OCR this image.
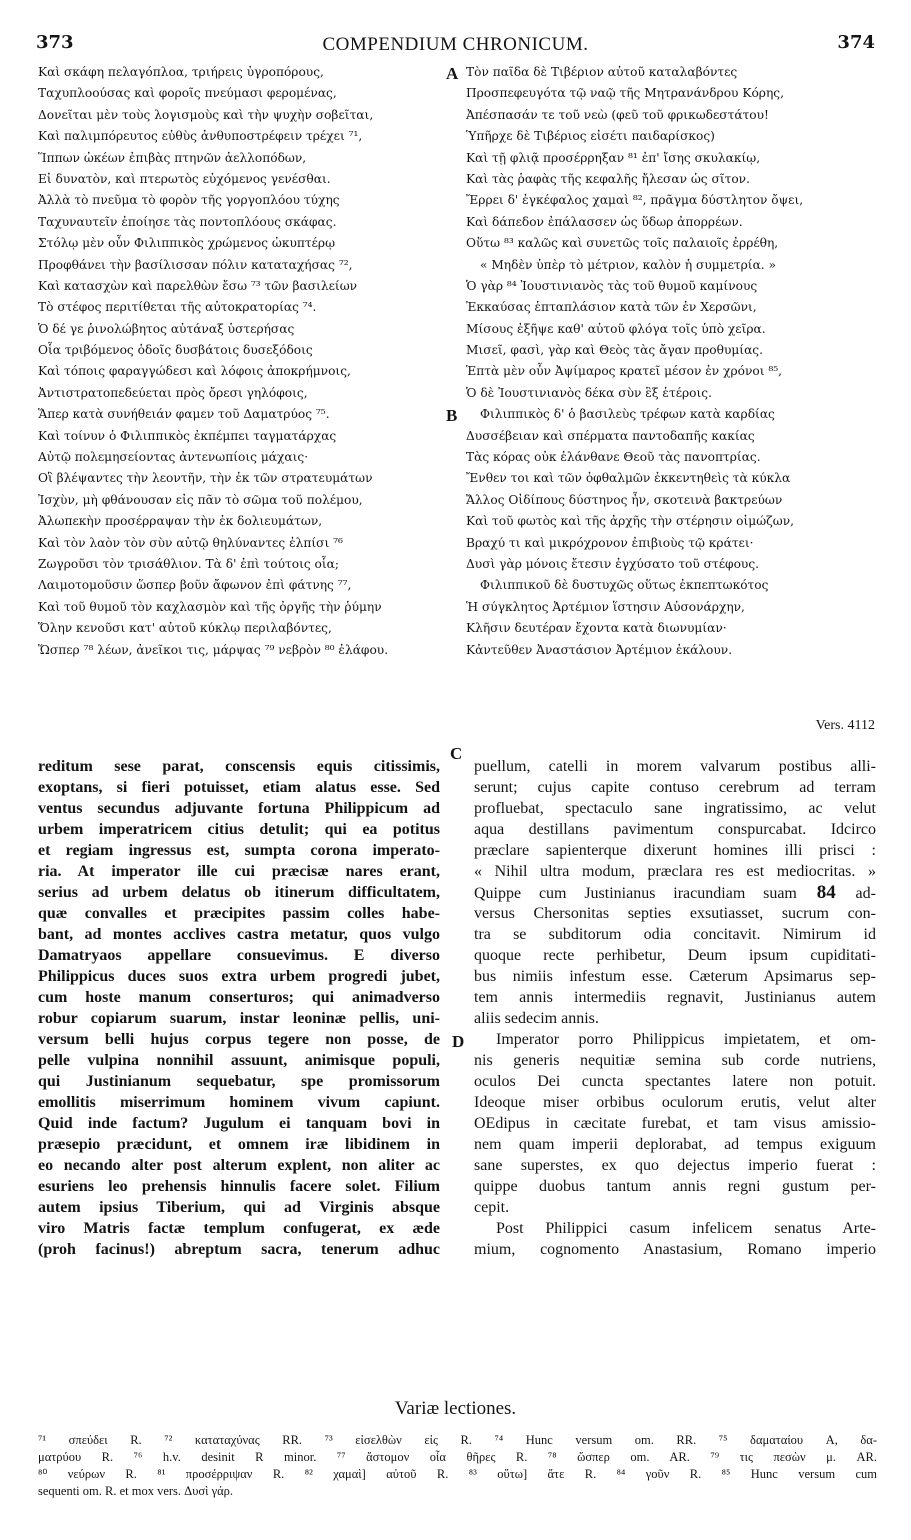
373	COMPENDIUM CHRONICUM.	374
Καὶ σκάφη πελαγόπλοα, τριήρεις ὑγροπόρους,
Ταχυπλοούσας καὶ φοροῖς πνεύμασι φερομένας,
Δονεῖται μὲν τοὺς λογισμοὺς καὶ τὴν ψυχὴν σοβεῖται,
Καὶ παλιμπόρευτος εὐθὺς ἀνθυποστρέφειν τρέχει ⁷¹,
Ἵππων ὠκέων ἐπιβὰς πτηνῶν ἀελλοπόδων,
Εἰ δυνατὸν, καὶ πτερωτὸς εὐχόμενος γενέσθαι.
Ἀλλὰ τὸ πνεῦμα τὸ φορὸν τῆς γοργοπλόου τύχης
Ταχυναυτεῖν ἐποίησε τὰς ποντοπλόους σκάφας.
Στόλῳ μὲν οὖν Φιλιππικὸς χρώμενος ὠκυπτέρῳ
Προφθάνει τὴν βασίλισσαν πόλιν καταταχήσας ⁷²,
Καὶ κατασχὼν καὶ παρελθὼν ἔσω ⁷³ τῶν βασιλείων
Τὸ στέφος περιτίθεται τῆς αὐτοκρατορίας ⁷⁴.
Ὁ δέ γε ῥινολώβητος αὐτάναξ ὑστερήσας
Οἷα τριβόμενος ὁδοῖς δυσβάτοις δυσεξόδοις
Καὶ τόποις φαραγγώδεσι καὶ λόφοις ἀποκρήμνοις,
Ἀντιστρατοπεδεύεται πρὸς ὄρεσι γηλόφοις,
Ἅπερ κατὰ συνήθειάν φαμεν τοῦ Δαματρύος ⁷⁵.
Καὶ τοίνυν ὁ Φιλιππικὸς ἐκπέμπει ταγματάρχας
Αὐτῷ πολεμησείοντας ἀντενωπίοις μάχαις·
Οἳ βλέψαντες τὴν λεοντῆν, τὴν ἐκ τῶν στρατευμάτων
Ἰσχὺν, μὴ φθάνουσαν εἰς πᾶν τὸ σῶμα τοῦ πολέμου,
Ἀλωπεκὴν προσέρραψαν τὴν ἐκ δολιευμάτων,
Καὶ τὸν λαὸν τὸν σὺν αὐτῷ θηλύναντες ἐλπίσι ⁷⁶
Ζωγροῦσι τὸν τρισάθλιον. Τὰ δ' ἐπὶ τούτοις οἷα;
Λαιμοτομοῦσιν ὥσπερ βοῦν ἄφωνον ἐπὶ φάτνης ⁷⁷,
Καὶ τοῦ θυμοῦ τὸν καχλασμὸν καὶ τῆς ὀργῆς τὴν ῥύμην
Ὅλην κενοῦσι κατ' αὐτοῦ κύκλῳ περιλαβόντες,
Ὥσπερ ⁷⁸ λέων, ἀνεῖκοι τις, μάρψας ⁷⁹ νεβρὸν ⁸⁰ ἐλάφου.
Τὸν παῖδα δὲ Τιβέριον αὐτοῦ καταλαβόντες
Προσπεφευγότα τῷ ναῷ τῆς Μητρανάνδρου Κόρης,
Ἀπέσπασάν τε τοῦ νεὼ (φεῦ τοῦ φρικωδεστάτου!
Ὑπῆρχε δὲ Τιβέριος εἰσέτι παιδαρίσκος)
Καὶ τῇ φλιᾷ προσέρρηξαν ⁸¹ ἐπ' ἴσης σκυλακίῳ,
Καὶ τὰς ῥαφὰς τῆς κεφαλῆς ἤλεσαν ὡς σῖτον.
Ἔρρει δ' ἐγκέφαλος χαμαὶ ⁸², πρᾶγμα δύστλητον ὄψει,
Καὶ δάπεδον ἐπάλασσεν ὡς ὕδωρ ἀπορρέων.
Οὕτω ⁸³ καλῶς καὶ συνετῶς τοῖς παλαιοῖς ἐρρέθη,
« Μηδὲν ὑπὲρ τὸ μέτριον, καλὸν ἡ συμμετρία. »
Ὁ γὰρ ⁸⁴ Ἰουστινιανὸς τὰς τοῦ θυμοῦ καμίνους
Ἐκκαύσας ἑπταπλάσιον κατὰ τῶν ἐν Χερσῶνι,
Μίσους ἐξῆψε καθ' αὐτοῦ φλόγα τοῖς ὑπὸ χεῖρα.
Μισεῖ, φασὶ, γὰρ καὶ Θεὸς τὰς ἄγαν προθυμίας.
Ἑπτὰ μὲν οὖν Ἀψίμαρος κρατεῖ μέσον ἐν χρόνοι ⁸⁵,
Ὁ δὲ Ἰουστινιανὸς δέκα σὺν ἓξ ἑτέροις.
Φιλιππικὸς δ' ὁ βασιλεὺς τρέφων κατὰ καρδίας
Δυσσέβειαν καὶ σπέρματα παντοδαπῆς κακίας
Τὰς κόρας οὐκ ἐλάνθανε Θεοῦ τὰς πανοπτρίας.
Ἔνθεν τοι καὶ τῶν ὀφθαλμῶν ἐκκεντηθεὶς τὰ κύκλα
Ἄλλος Οἰδίπους δύστηνος ἦν, σκοτεινὰ βακτρεύων
Καὶ τοῦ φωτὸς καὶ τῆς ἀρχῆς τὴν στέρησιν οἰμώζων,
Βραχύ τι καὶ μικρόχρονον ἐπιβιοὺς τῷ κράτει·
Δυσὶ γὰρ μόνοις ἔτεσιν ἐγχύσατο τοῦ στέφους.
Φιλιππικοῦ δὲ δυστυχῶς οὕτως ἐκπεπτωκότος
Ἡ σύγκλητος Ἀρτέμιον ἵστησιν Αὐσονάρχην,
Κλῆσιν δευτέραν ἔχοντα κατὰ διωνυμίαν·
Κἀντεῦθεν Ἀναστάσιον Ἀρτέμιον ἐκάλουν.
A
B
C
D
Vers. 4112
reditum sese parat, conscensis equis citissimis,
exoptans, si fieri potuisset, etiam alatus esse. Sed
ventus secundus adjuvante fortuna Philippicum ad
urbem imperatricem citius detulit; qui ea potitus
et regiam ingressus est, sumpta corona imperato-
ria. At imperator ille cui præcisæ nares erant,
serius ad urbem delatus ob itinerum difficultatem,
quæ convalles et præcipites passim colles habe-
bant, ad montes acclives castra metatur, quos vulgo
Damatryaos appellare consuevimus. E diverso
Philippicus duces suos extra urbem progredi jubet,
cum hoste manum conserturos; qui animadverso
robur copiarum suarum, instar leoninæ pellis, uni-
versum belli hujus corpus tegere non posse, de
pelle vulpina nonnihil assuunt, animisque populi,
qui Justinianum sequebatur, spe promissorum
emollitis miserrimum hominem vivum capiunt.
Quid inde factum? Jugulum ei tanquam bovi in
præsepio præcidunt, et omnem iræ libidinem in
eo necando alter post alterum explent, non aliter ac
esuriens leo prehensis hinnulis facere solet. Filium
autem ipsius Tiberium, qui ad Virginis absque
viro Matris factæ templum confugerat, ex æde
(proh facinus!) abreptum sacra, tenerum adhuc
puellum, catelli in morem valvarum postibus alli-
serunt; cujus capite contuso cerebrum ad terram
profluebat, spectaculo sane ingratissimo, ac velut
aqua destillans pavimentum conspurcabat. Idcirco
præclare sapienterque dixerunt homines illi prisci :
« Nihil ultra modum, præclara res est mediocritas. »
Quippe cum Justinianus iracundiam suam 84 ad-
versus Chersonitas septies exsutiasset, sucrum con-
tra se subditorum odia concitavit. Nimirum id
quoque recte perhibetur, Deum ipsum cupiditati-
bus nimiis infestum esse. Cæterum Apsimarus sep-
tem annis intermediis regnavit, Justinianus autem
aliis sedecim annis.
Imperator porro Philippicus impietatem, et om-
nis generis nequitiæ semina sub corde nutriens,
oculos Dei cuncta spectantes latere non potuit.
Ideoque miser orbibus oculorum erutis, velut alter
OEdipus in cæcitate furebat, et tam visus amissio-
nem quam imperii deplorabat, ad tempus exiguum
sane superstes, ex quo dejectus imperio fuerat :
quippe duobus tantum annis regni gustum per-
cepit.
Post Philippici casum infelicem senatus Arte-
mium, cognomento Anastasium, Romano imperio
Variæ lectiones.
⁷¹ σπεύδει R. ⁷² καταταχύνας RR. ⁷³ εἰσελθὼν εἰς R. ⁷⁴ Hunc versum om. RR. ⁷⁵ δαματαίου A, δα-
ματρύου R. ⁷⁶ h.v. desinit R minor. ⁷⁷ ἄστομον οἷα θῆρες R. ⁷⁸ ὥσπερ om. AR. ⁷⁹ τις πεσὼν μ. AR.
⁸⁰ νεύρων R. ⁸¹ προσέρριψαν R. ⁸² χαμαὶ] αὐτοῦ R. ⁸³ οὕτω] ἄτε R. ⁸⁴ γοῦν R. ⁸⁵ Hunc versum cum
sequenti om. R. et mox vers. Δυσὶ γάρ.
